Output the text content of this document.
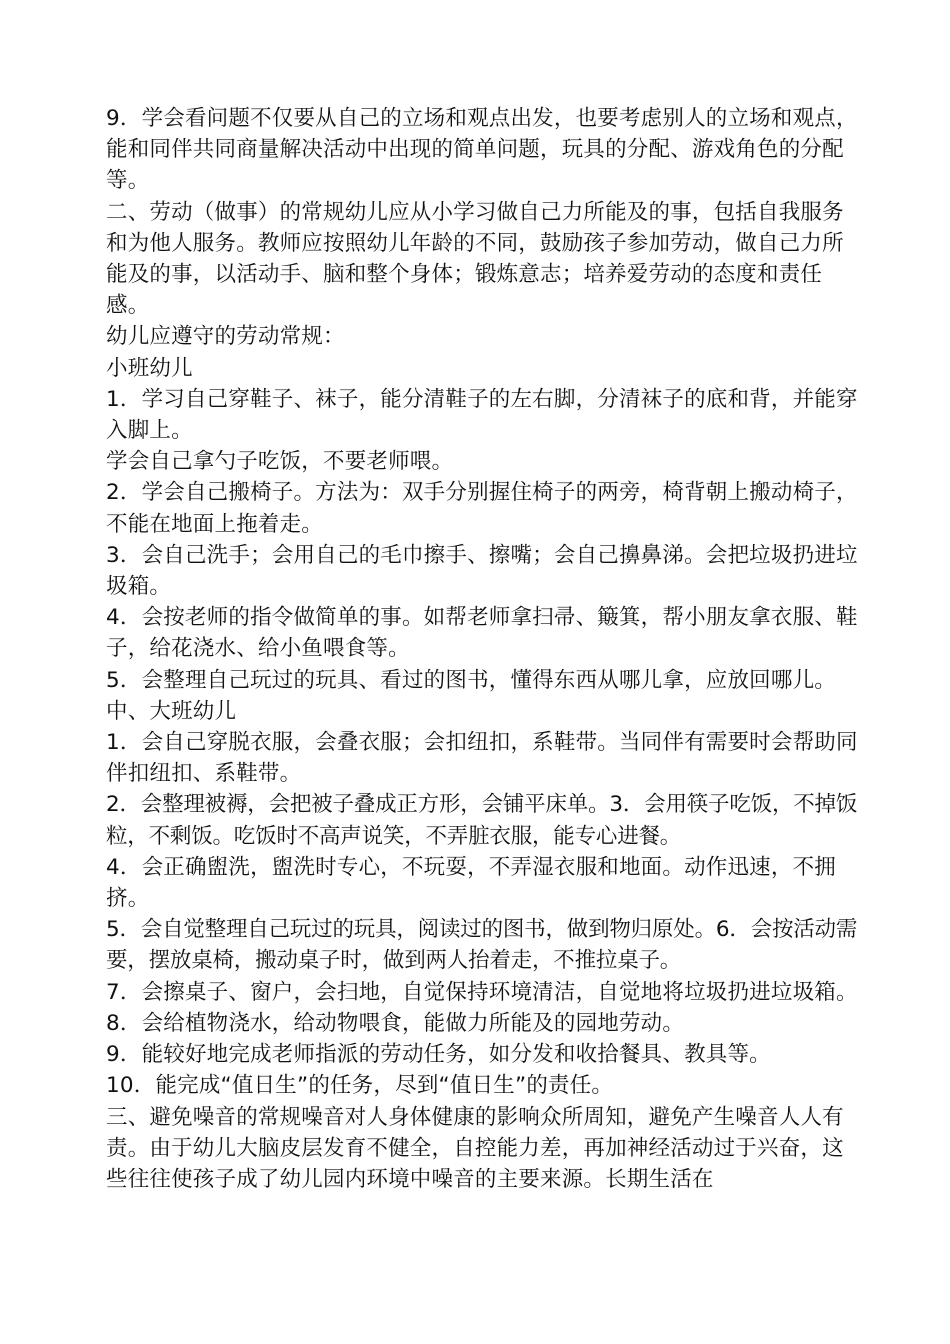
9．学会看问题不仅要从自己的立场和观点出发，也要考虑别人的立场和观点，能和同伴共同商量解决活动中出现的简单问题，玩具的分配、游戏角色的分配等。

二、劳动（做事）的常规幼儿应从小学习做自己力所能及的事，包括自我服务和为他人服务。教师应按照幼儿年龄的不同，鼓励孩子参加劳动，做自己力所能及的事，以活动手、脑和整个身体；锻炼意志；培养爱劳动的态度和责任感。

幼儿应遵守的劳动常规：

小班幼儿

1．学习自己穿鞋子、袜子，能分清鞋子的左右脚，分清袜子的底和背，并能穿入脚上。

学会自己拿勺子吃饭，不要老师喂。

2．学会自己搬椅子。方法为：双手分别握住椅子的两旁，椅背朝上搬动椅子，不能在地面上拖着走。

3．会自己洗手；会用自己的毛巾擦手、擦嘴；会自己擤鼻涕。会把垃圾扔进垃圾箱。

4．会按老师的指令做简单的事。如帮老师拿扫帚、簸箕，帮小朋友拿衣服、鞋子，给花浇水、给小鱼喂食等。

5．会整理自己玩过的玩具、看过的图书，懂得东西从哪儿拿，应放回哪儿。中、大班幼儿

1．会自己穿脱衣服，会叠衣服；会扣纽扣，系鞋带。当同伴有需要时会帮助同伴扣纽扣、系鞋带。

2．会整理被褥，会把被子叠成正方形，会铺平床单。3．会用筷子吃饭，不掉饭粒，不剩饭。吃饭时不高声说笑，不弄脏衣服，能专心进餐。

4．会正确盥洗，盥洗时专心，不玩耍，不弄湿衣服和地面。动作迅速，不拥挤。

5．会自觉整理自己玩过的玩具，阅读过的图书，做到物归原处。6．会按活动需要，摆放桌椅，搬动桌子时，做到两人抬着走，不推拉桌子。

7．会擦桌子、窗户，会扫地，自觉保持环境清洁，自觉地将垃圾扔进垃圾箱。

8．会给植物浇水，给动物喂食，能做力所能及的园地劳动。

9．能较好地完成老师指派的劳动任务，如分发和收拾餐具、教具等。

10．能完成“值日生”的任务，尽到“值日生”的责任。

三、避免噪音的常规噪音对人身体健康的影响众所周知，避免产生噪音人人有责。由于幼儿大脑皮层发育不健全，自控能力差，再加神经活动过于兴奋，这些往往使孩子成了幼儿园内环境中噪音的主要来源。长期生活在
